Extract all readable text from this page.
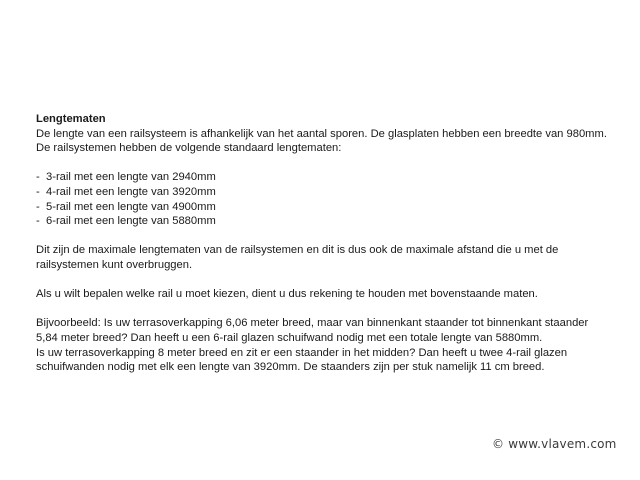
Lengtematen

De lengte van een railsysteem is afhankelijk van het aantal sporen. De glasplaten hebben een breedte van 980mm.
De railsystemen hebben de volgende standaard lengtematen:
- 3-rail met een lengte van 2940mm
- 4-rail met een lengte van 3920mm
- 5-rail met een lengte van 4900mm
- 6-rail met een lengte van 5880mm
Dit zijn de maximale lengtematen van de railsystemen en dit is dus ook de maximale afstand die u met de
railsystemen kunt overbruggen.

Als u wilt bepalen welke rail u moet kiezen, dient u dus rekening te houden met bovenstaande maten.

Bijvoorbeeld: Is uw terrasoverkapping 6,06 meter breed, maar van binnenkant staander tot binnenkant staander
5,84 meter breed? Dan heeft u een 6-rail glazen schuifwand nodig met een totale lengte van 5880mm.
Is uw terrasoverkapping 8 meter breed en zit er een staander in het midden? Dan heeft u twee 4-rail glazen
schuifwanden nodig met elk een lengte van 3920mm. De staanders zijn per stuk namelijk 11 cm breed.
© www.vlavem.com
